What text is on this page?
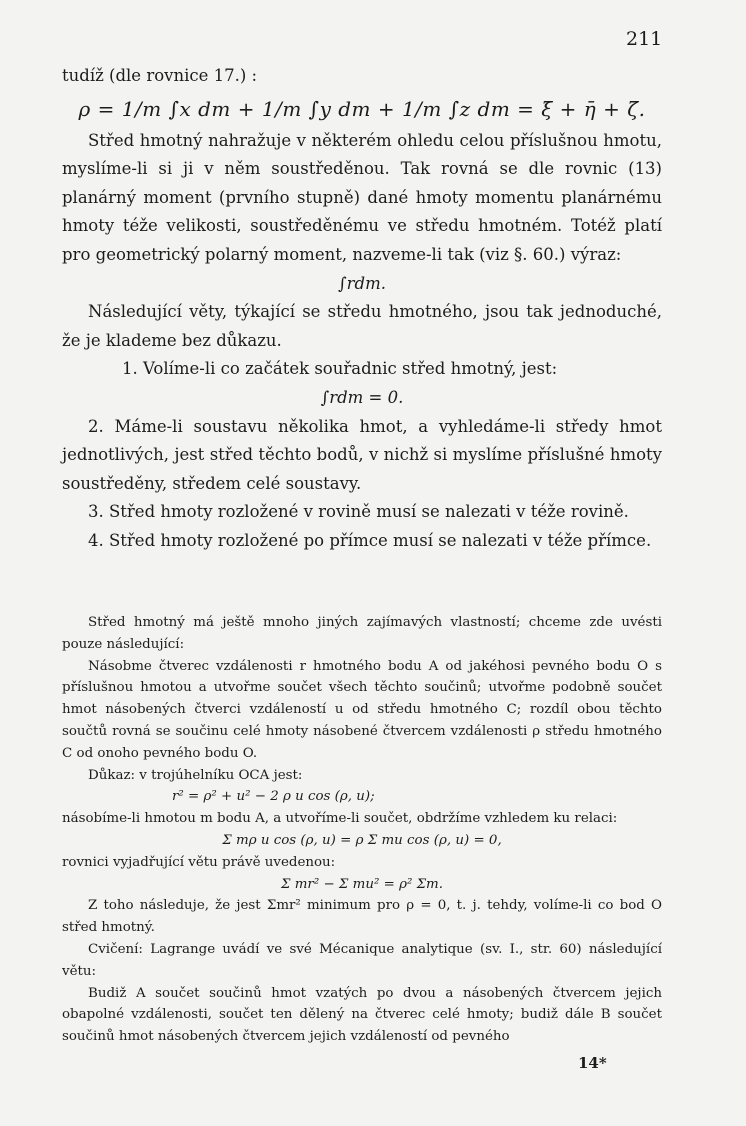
211

tudíž (dle rovnice 17.) :

ρ = 1/m ∫x dm + 1/m ∫y dm + 1/m ∫z dm = ξ̄ + η̄ + ζ̄.

Střed hmotný nahražuje v některém ohledu celou příslušnou hmotu, myslíme-li si ji v něm soustředěnou. Tak rovná se dle rovnic (13) planárný moment (prvního stupně) dané hmoty momentu planárnému hmoty téže velikosti, soustředěnému ve středu hmotném. Totéž platí pro geometrický polarný moment, nazveme-li tak (viz §. 60.) výraz:

∫rdm.

Následující věty, týkající se středu hmotného, jsou tak jednoduché, že je klademe bez důkazu.

1. Volíme-li co začátek souřadnic střed hmotný, jest:

∫rdm = 0.

2. Máme-li soustavu několika hmot, a vyhledáme-li středy hmot jednotlivých, jest střed těchto bodů, v nichž si myslíme příslušné hmoty soustředěny, středem celé soustavy.

3. Střed hmoty rozložené v rovině musí se nalezati v téže rovině.

4. Střed hmoty rozložené po přímce musí se nalezati v téže přímce.

Střed hmotný má ještě mnoho jiných zajímavých vlastností; chceme zde uvésti pouze následující:

Násobme čtverec vzdálenosti r hmotného bodu A od jakéhosi pevného bodu O s příslušnou hmotou a utvořme součet všech těchto součinů; utvořme podobně součet hmot násobených čtverci vzdáleností u od středu hmotného C; rozdíl obou těchto součtů rovná se součinu celé hmoty násobené čtvercem vzdálenosti ρ středu hmotného C od onoho pevného bodu O.

Důkaz: v trojúhelníku OCA jest:

r² = ρ² + u² − 2 ρ u cos (ρ, u);

násobíme-li hmotou m bodu A, a utvoříme-li součet, obdržíme vzhledem ku relaci:

Σ mρ u cos (ρ, u) = ρ Σ mu cos (ρ, u) = 0,

rovnici vyjadřující větu právě uvedenou:

Σ mr² − Σ mu² = ρ² Σm.

Z toho následuje, že jest Σmr² minimum pro ρ = 0, t. j. tehdy, volíme-li co bod O střed hmotný.

Cvičení: Lagrange uvádí ve své Mécanique analytique (sv. I., str. 60) následující větu:

Budiž A součet součinů hmot vzatých po dvou a násobených čtvercem jejich obapolné vzdálenosti, součet ten dělený na čtverec celé hmoty; budiž dále B součet součinů hmot násobených čtvercem jejich vzdáleností od pevného

14*
